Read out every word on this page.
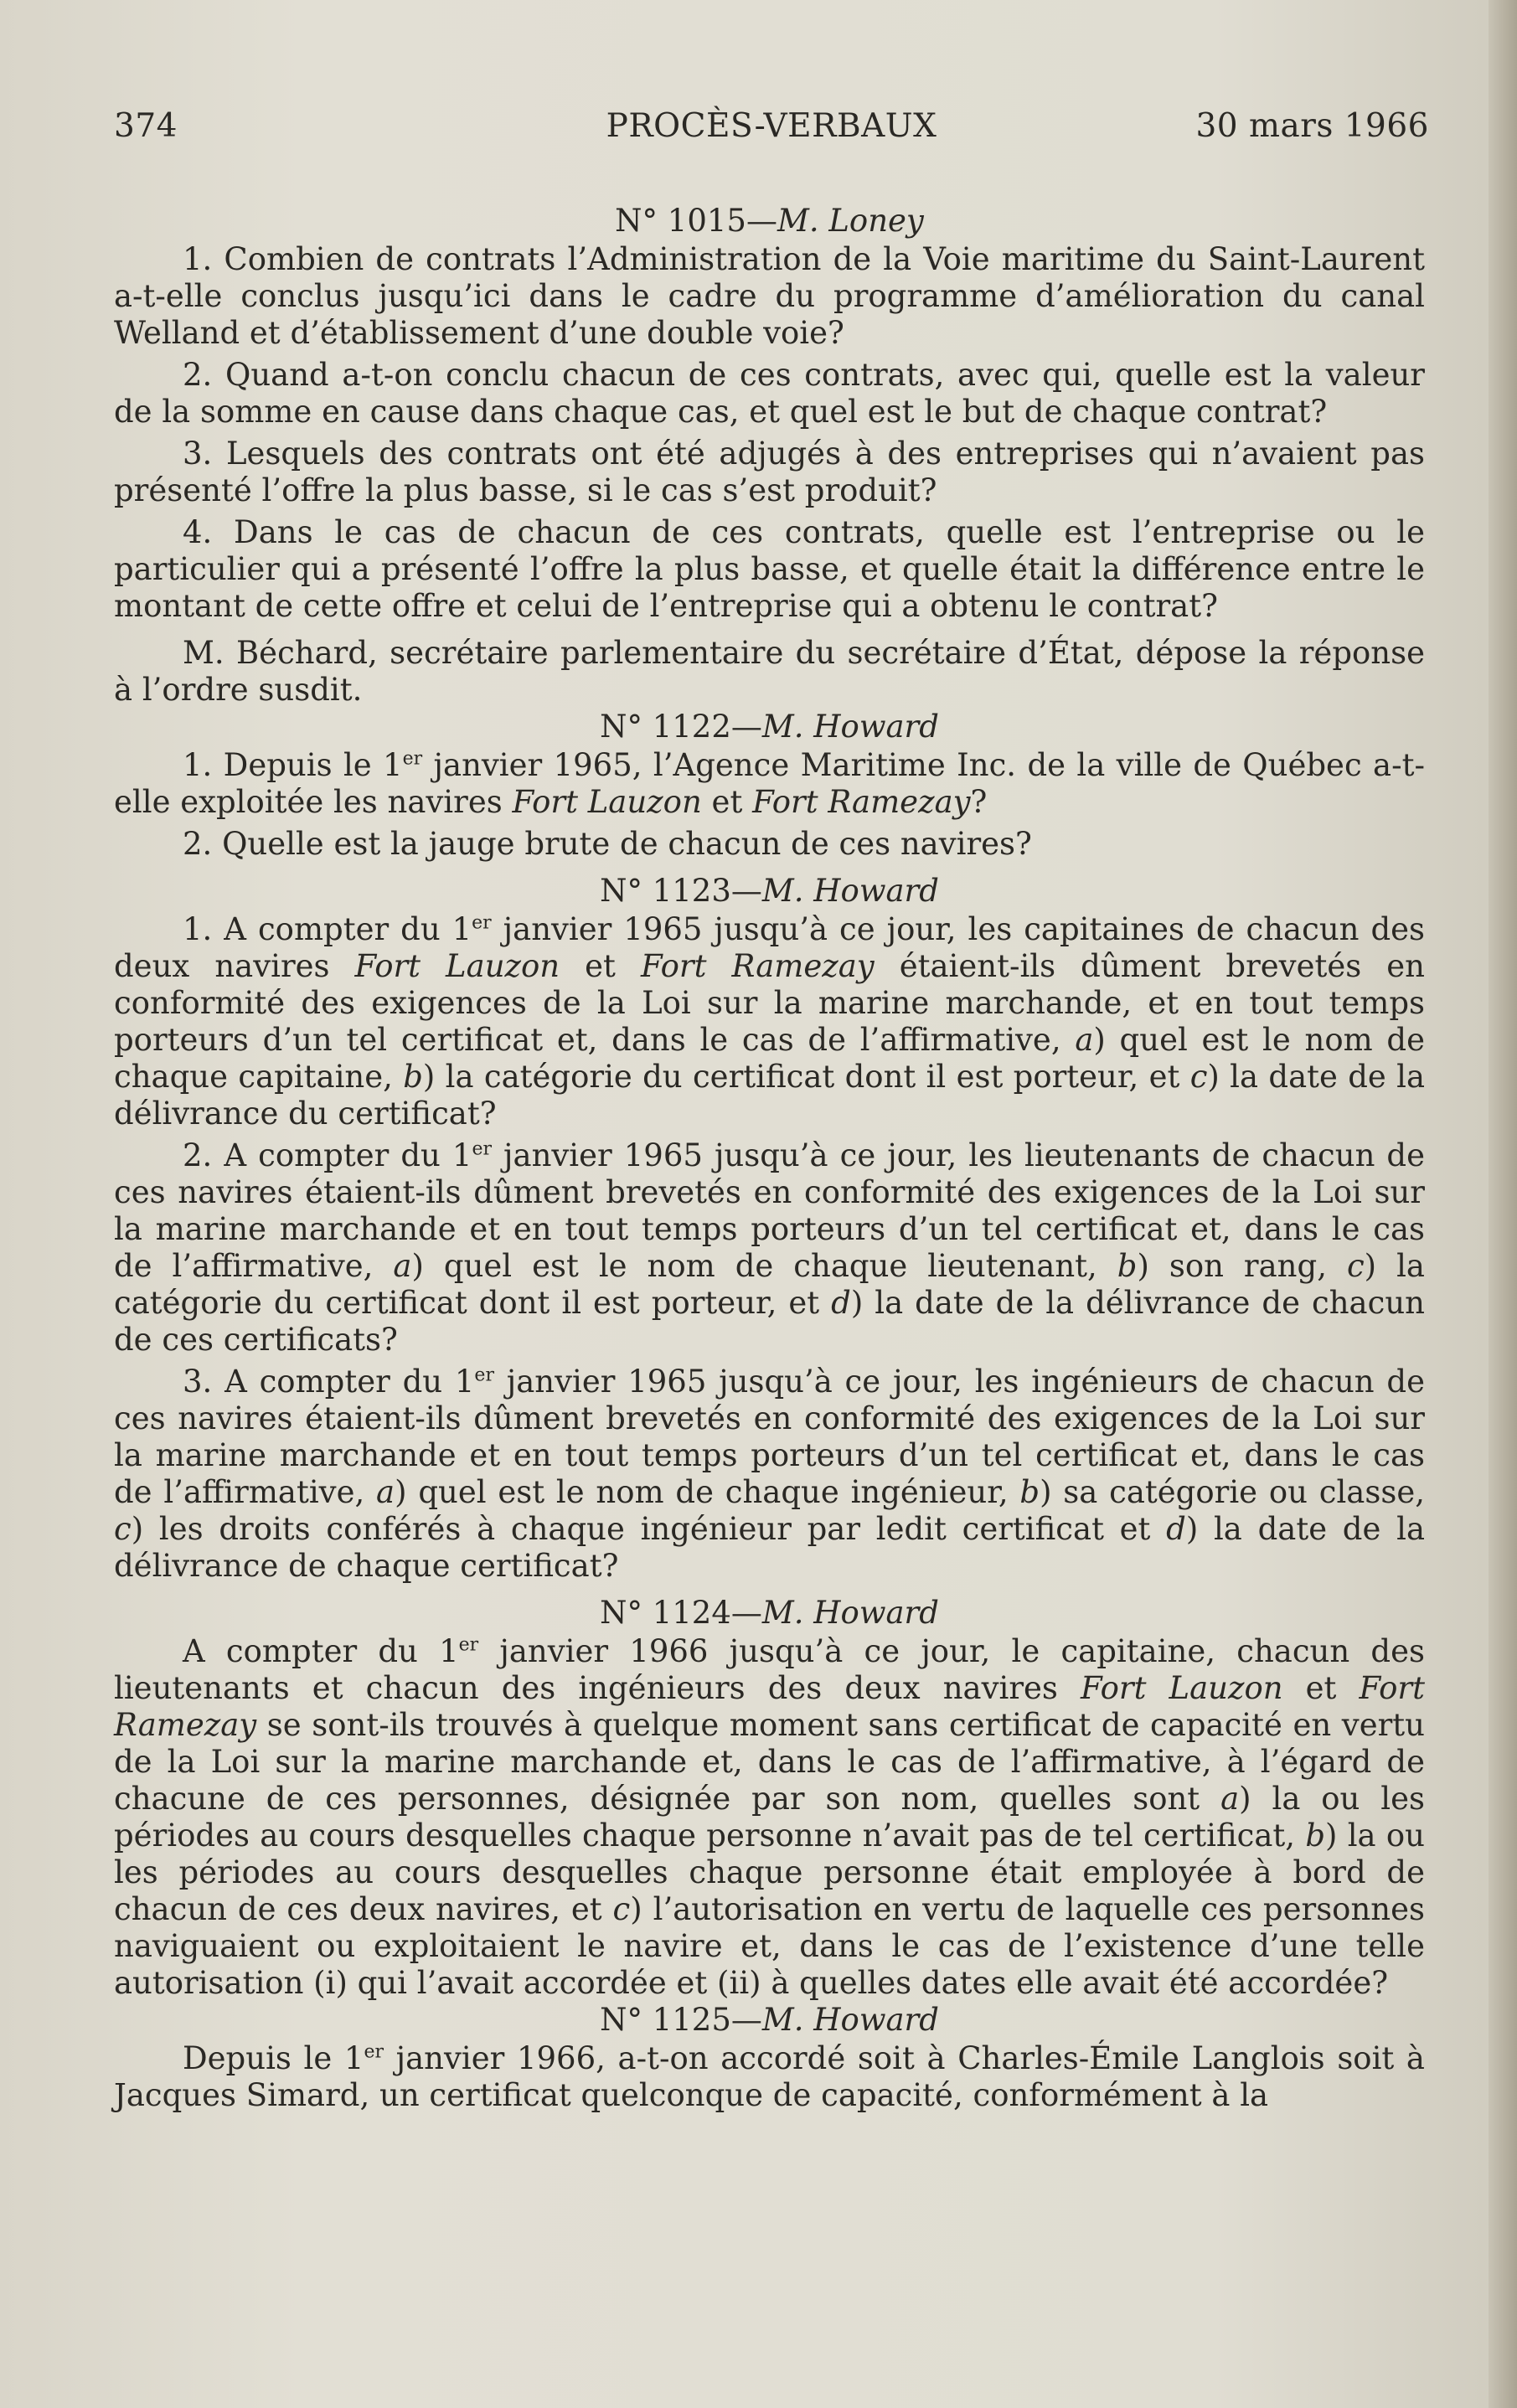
PROCÈS-VERBAUX
374	30 mars 1966
N° 1015—M. Loney

1. Combien de contrats l’Administration de la Voie maritime du Saint-Laurent a-t-elle conclus jusqu’ici dans le cadre du programme d’amélioration du canal Welland et d’établissement d’une double voie?

2. Quand a-t-on conclu chacun de ces contrats, avec qui, quelle est la valeur de la somme en cause dans chaque cas, et quel est le but de chaque contrat?

3. Lesquels des contrats ont été adjugés à des entreprises qui n’avaient pas présenté l’offre la plus basse, si le cas s’est produit?

4. Dans le cas de chacun de ces contrats, quelle est l’entreprise ou le particulier qui a présenté l’offre la plus basse, et quelle était la différence entre le montant de cette offre et celui de l’entreprise qui a obtenu le contrat?

M. Béchard, secrétaire parlementaire du secrétaire d’État, dépose la réponse à l’ordre susdit.

N° 1122—M. Howard

1. Depuis le 1er janvier 1965, l’Agence Maritime Inc. de la ville de Québec a-t-elle exploitée les navires Fort Lauzon et Fort Ramezay?

2. Quelle est la jauge brute de chacun de ces navires?

N° 1123—M. Howard

1. A compter du 1er janvier 1965 jusqu’à ce jour, les capitaines de chacun des deux navires Fort Lauzon et Fort Ramezay étaient-ils dûment brevetés en conformité des exigences de la Loi sur la marine marchande, et en tout temps porteurs d’un tel certificat et, dans le cas de l’affirmative, a) quel est le nom de chaque capitaine, b) la catégorie du certificat dont il est porteur, et c) la date de la délivrance du certificat?

2. A compter du 1er janvier 1965 jusqu’à ce jour, les lieutenants de chacun de ces navires étaient-ils dûment brevetés en conformité des exigences de la Loi sur la marine marchande et en tout temps porteurs d’un tel certificat et, dans le cas de l’affirmative, a) quel est le nom de chaque lieutenant, b) son rang, c) la catégorie du certificat dont il est porteur, et d) la date de la délivrance de chacun de ces certificats?

3. A compter du 1er janvier 1965 jusqu’à ce jour, les ingénieurs de chacun de ces navires étaient-ils dûment brevetés en conformité des exigences de la Loi sur la marine marchande et en tout temps porteurs d’un tel certificat et, dans le cas de l’affirmative, a) quel est le nom de chaque ingénieur, b) sa catégorie ou classe, c) les droits conférés à chaque ingénieur par ledit certificat et d) la date de la délivrance de chaque certificat?

N° 1124—M. Howard

A compter du 1er janvier 1966 jusqu’à ce jour, le capitaine, chacun des lieutenants et chacun des ingénieurs des deux navires Fort Lauzon et Fort Ramezay se sont-ils trouvés à quelque moment sans certificat de capacité en vertu de la Loi sur la marine marchande et, dans le cas de l’affirmative, à l’égard de chacune de ces personnes, désignée par son nom, quelles sont a) la ou les périodes au cours desquelles chaque personne n’avait pas de tel certificat, b) la ou les périodes au cours desquelles chaque personne était employée à bord de chacun de ces deux navires, et c) l’autorisation en vertu de laquelle ces personnes naviguaient ou exploitaient le navire et, dans le cas de l’existence d’une telle autorisation (i) qui l’avait accordée et (ii) à quelles dates elle avait été accordée?

N° 1125—M. Howard

Depuis le 1er janvier 1966, a-t-on accordé soit à Charles-Émile Langlois soit à Jacques Simard, un certificat quelconque de capacité, conformément à la
